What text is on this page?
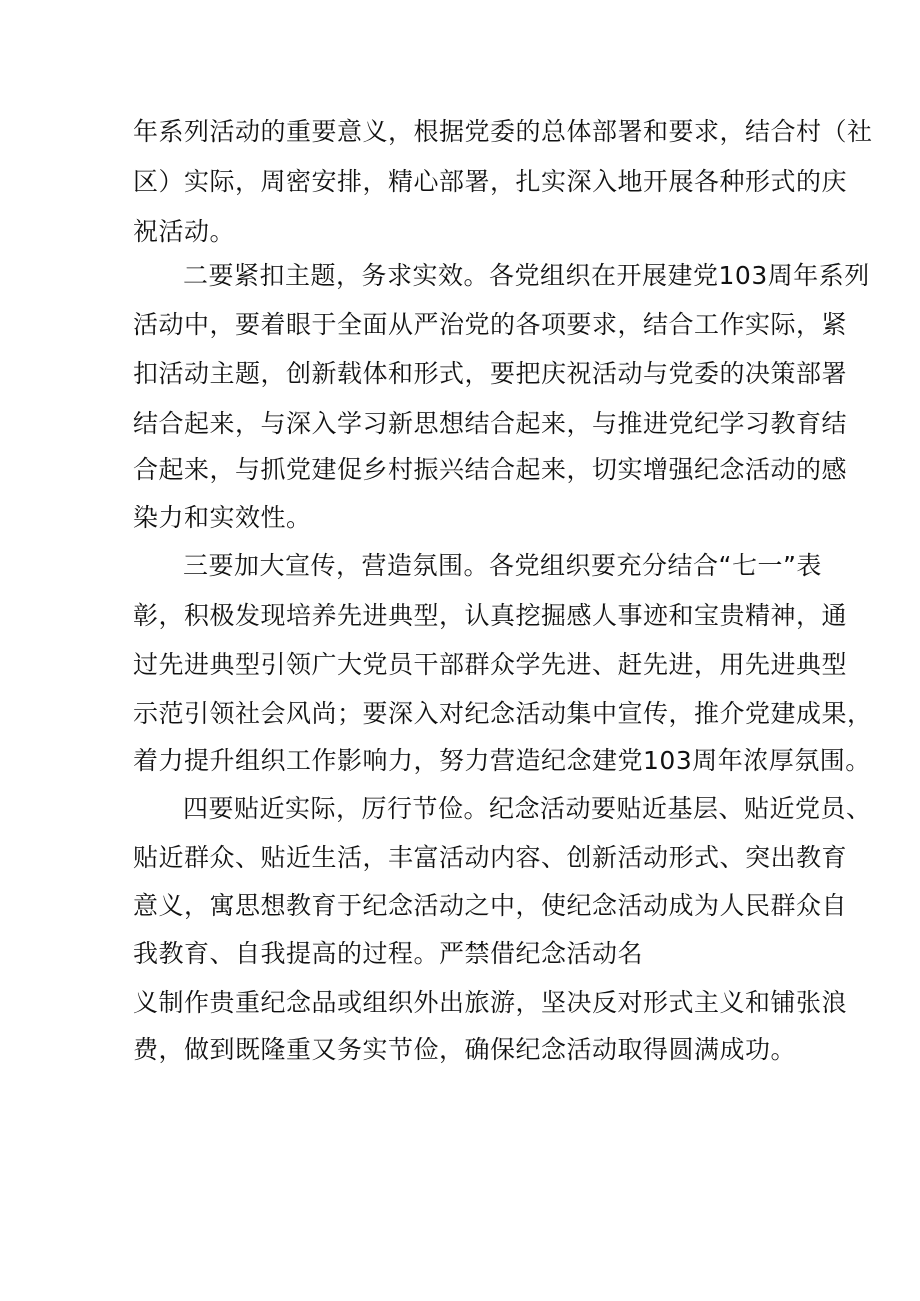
年系列活动的重要意义，根据党委的总体部署和要求，结合村（社
区）实际，周密安排，精心部署，扎实深入地开展各种形式的庆
祝活动。
二要紧扣主题，务求实效。各党组织在开展建党103周年系列
活动中，要着眼于全面从严治党的各项要求，结合工作实际，紧
扣活动主题，创新载体和形式，要把庆祝活动与党委的决策部署
结合起来，与深入学习新思想结合起来，与推进党纪学习教育结
合起来，与抓党建促乡村振兴结合起来，切实增强纪念活动的感
染力和实效性。
三要加大宣传，营造氛围。各党组织要充分结合“七一”表
彰，积极发现培养先进典型，认真挖掘感人事迹和宝贵精神，通
过先进典型引领广大党员干部群众学先进、赶先进，用先进典型
示范引领社会风尚；要深入对纪念活动集中宣传，推介党建成果，
着力提升组织工作影响力，努力营造纪念建党103周年浓厚氛围。
四要贴近实际，厉行节俭。纪念活动要贴近基层、贴近党员、
贴近群众、贴近生活，丰富活动内容、创新活动形式、突出教育
意义，寓思想教育于纪念活动之中，使纪念活动成为人民群众自
我教育、自我提高的过程。严禁借纪念活动名
义制作贵重纪念品或组织外出旅游，坚决反对形式主义和铺张浪
费，做到既隆重又务实节俭，确保纪念活动取得圆满成功。
